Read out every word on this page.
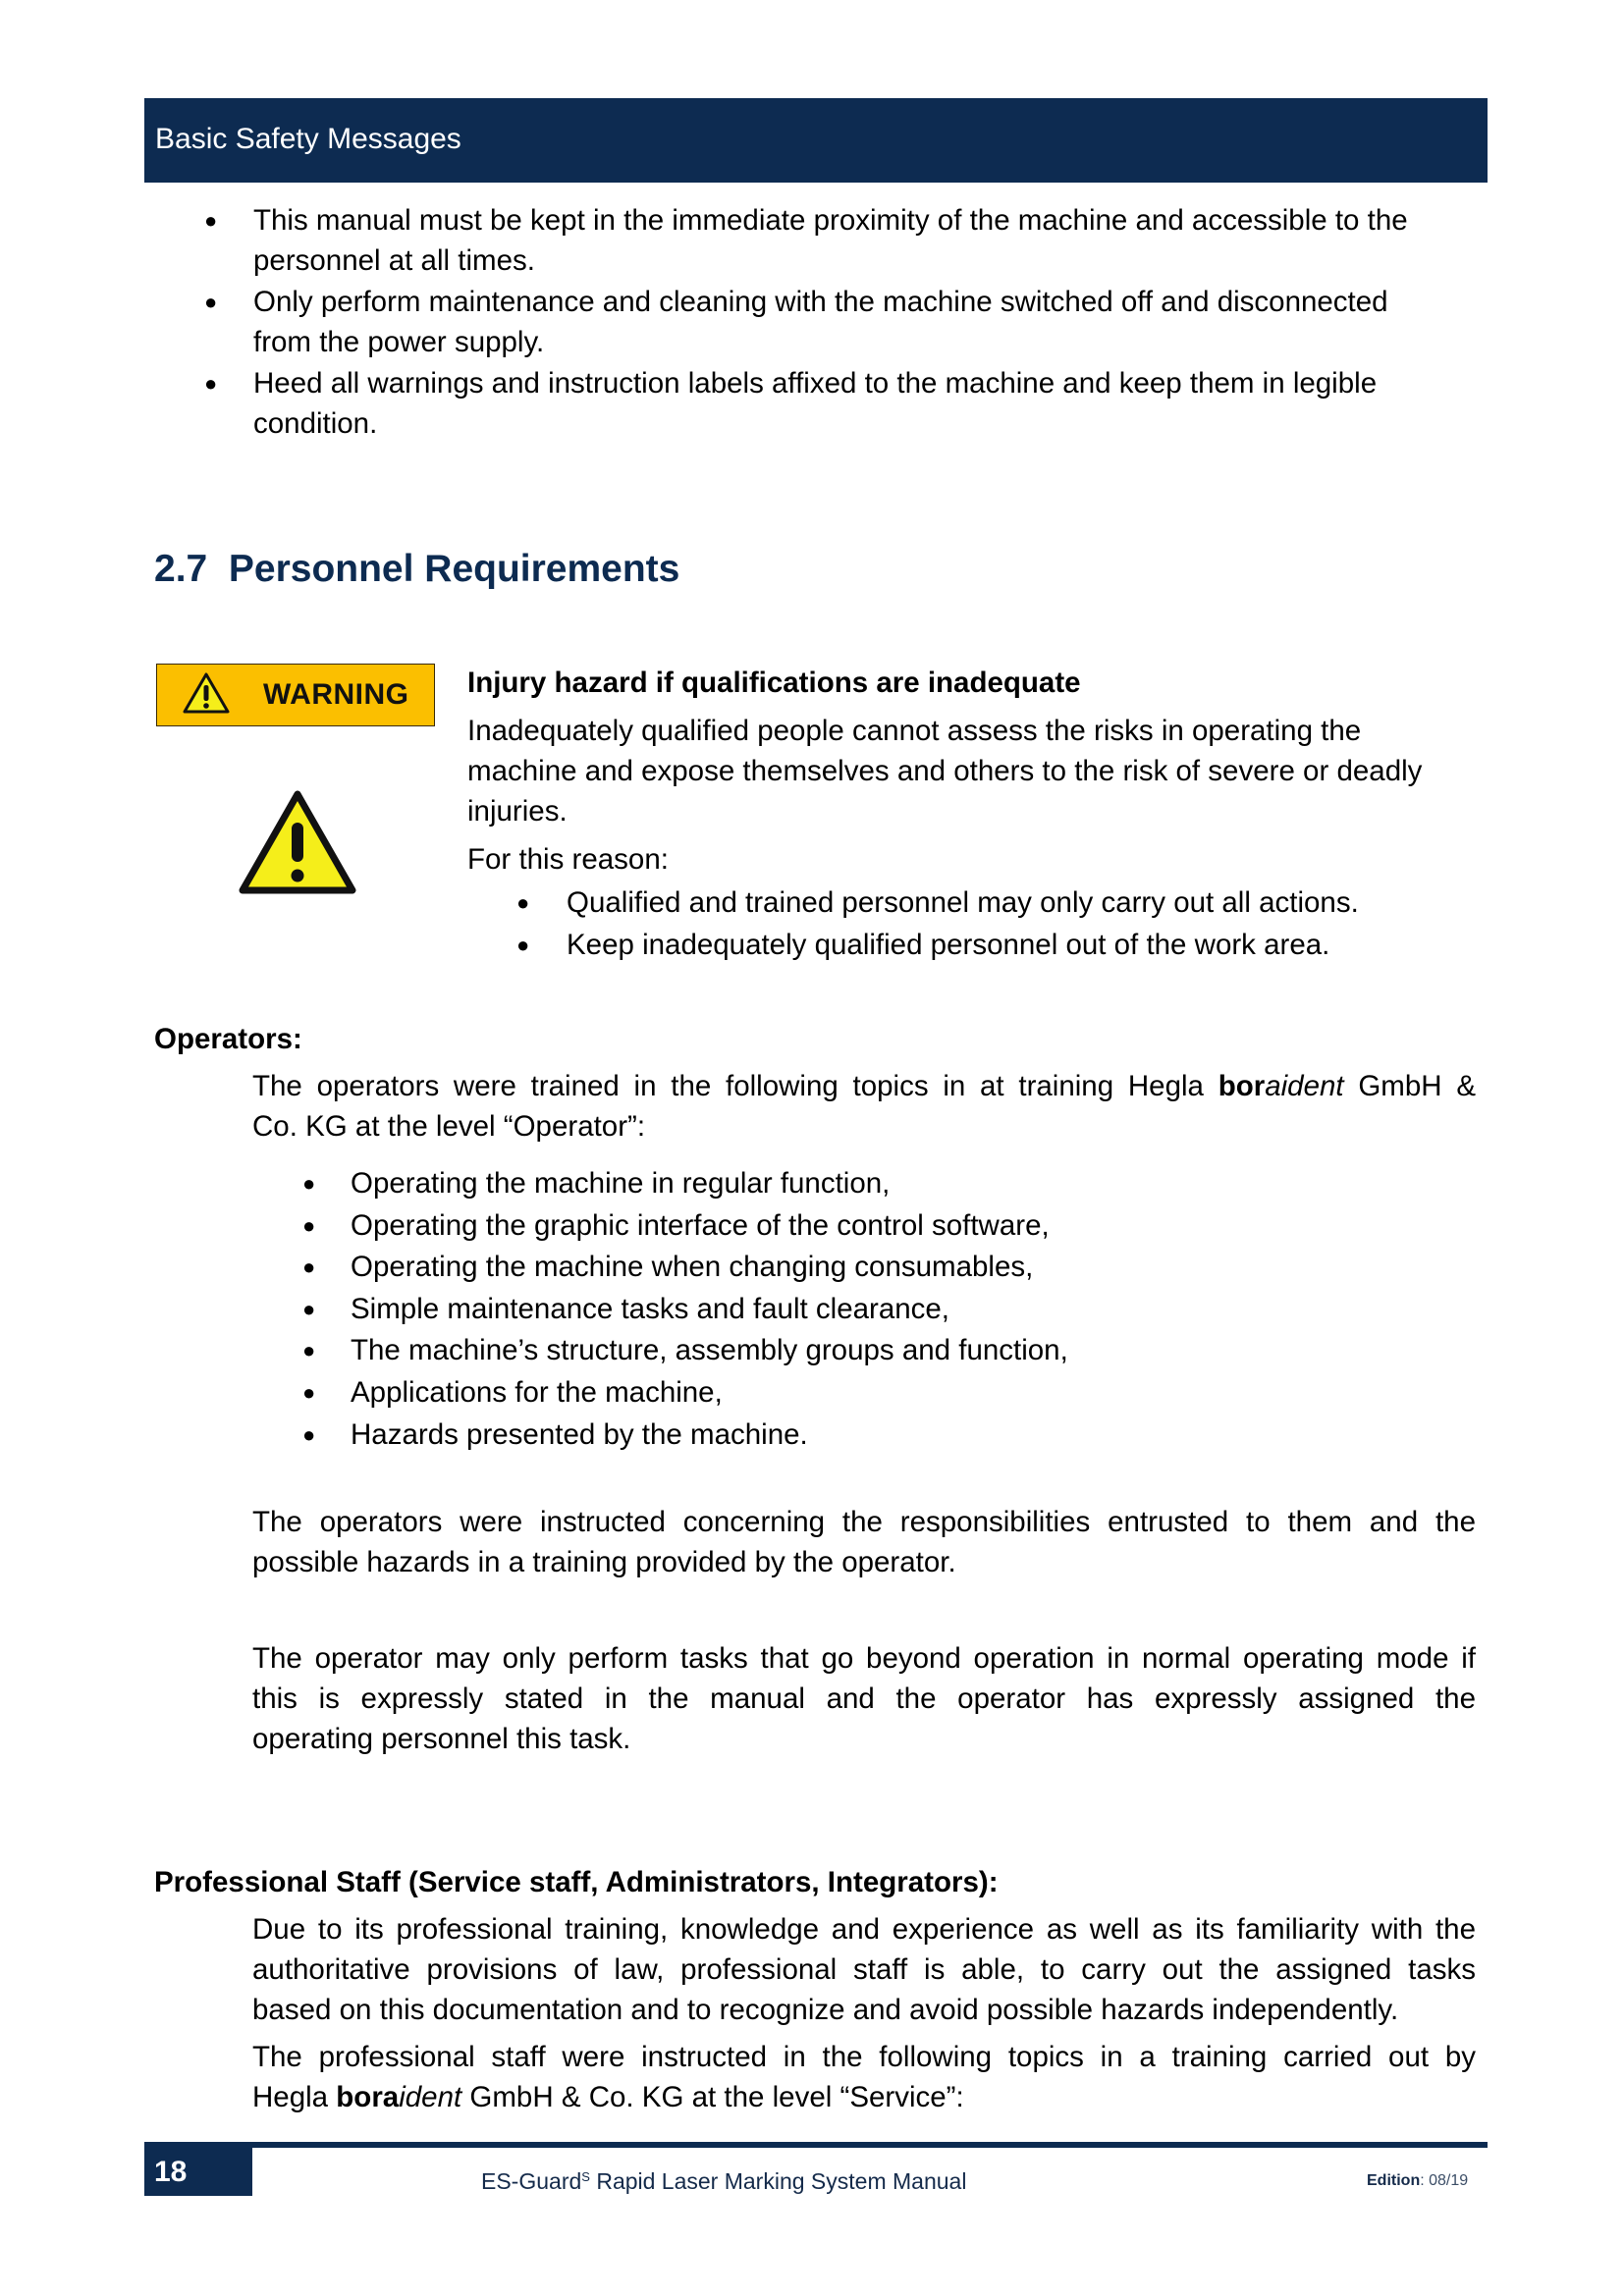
Basic Safety Messages
● This manual must be kept in the immediate proximity of the machine and accessible to the
personnel at all times.
● Only perform maintenance and cleaning with the machine switched off and disconnected
from the power supply.
● Heed all warnings and instruction labels affixed to the machine and keep them in legible
condition.
2.7 Personnel Requirements
WARNING Injury hazard if qualifications are inadequate
Inadequately qualified people cannot assess the risks in operating the
machine and expose themselves and others to the risk of severe or deadly
injuries.
For this reason:
● Qualified and trained personnel may only carry out all actions.
● Keep inadequately qualified personnel out of the work area.
Operators:
The operators were trained in the following topics in at training Hegla boraident GmbH &
Co. KG at the level “Operator”:
● Operating the machine in regular function,
● Operating the graphic interface of the control software,
● Operating the machine when changing consumables,
● Simple maintenance tasks and fault clearance,
● The machine’s structure, assembly groups and function,
● Applications for the machine,
● Hazards presented by the machine.
The operators were instructed concerning the responsibilities entrusted to them and the
possible hazards in a training provided by the operator.
The operator may only perform tasks that go beyond operation in normal operating mode if
this is expressly stated in the manual and the operator has expressly assigned the
operating personnel this task.
Professional Staff (Service staff, Administrators, Integrators):
Due to its professional training, knowledge and experience as well as its familiarity with the
authoritative provisions of law, professional staff is able, to carry out the assigned tasks
based on this documentation and to recognize and avoid possible hazards independently.
The professional staff were instructed in the following topics in a training carried out by
Hegla boraident GmbH & Co. KG at the level “Service”:
18	ES-Guard$^S$ Rapid Laser Marking System Manual	Edition: 08/19
